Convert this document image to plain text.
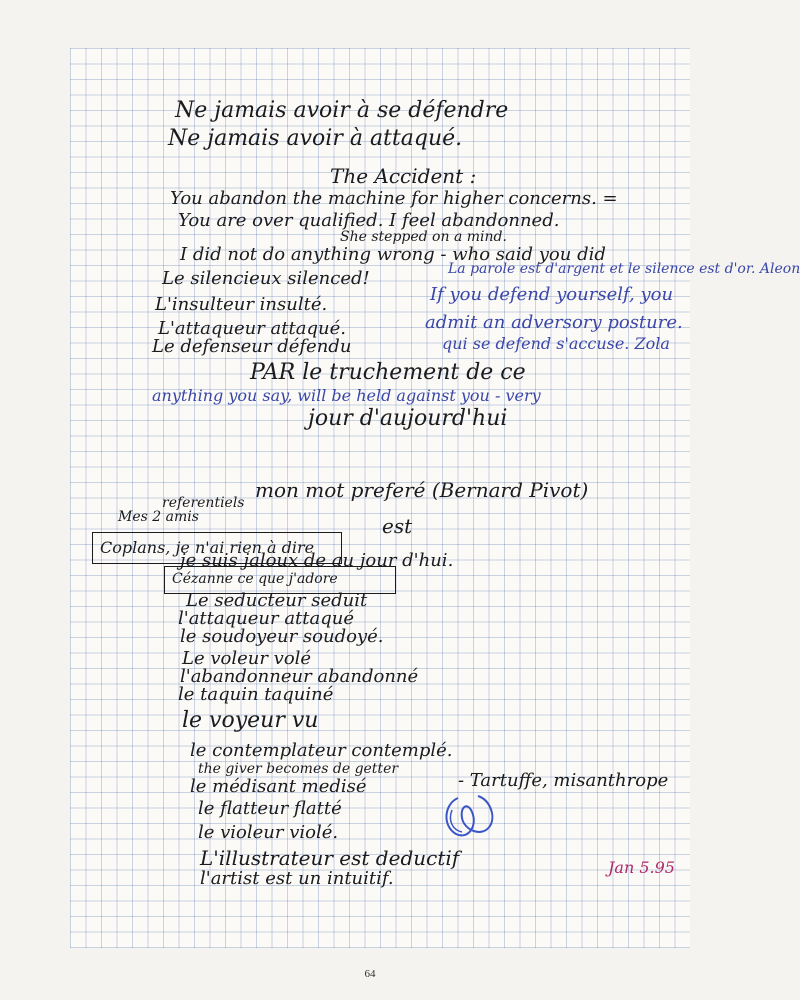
Ne jamais avoir à se défendre
Ne jamais avoir à attaqué.
The Accident :
You abandon the machine for higher concerns. =
You are over qualified. I feel abandonned.
She stepped on a mind.
I did not do anything wrong - who said you did
Le silencieux silenced!
L'insulteur insulté.
L'attaqueur attaqué.
Le defenseur défendu
La parole est d'argent et le silence est d'or. Aleon
If you defend yourself, you
admit an adversory posture.
qui se defend s'accuse. Zola
PAR le truchement de ce
anything you say, will be held against you - very
jour d'aujourd'hui
mon mot preferé (Bernard Pivot)
est
Mes 2 amis
referentiels
Coplans, je n'ai rien à dire
je suis jaloux de au jour d'hui.
Cézanne ce que j'adore
Le seducteur seduit
l'attaqueur attaqué
le soudoyeur soudoyé.
Le voleur volé
l'abandonneur abandonné
le taquin taquiné
le voyeur vu
le contemplateur contemplé.
the giver becomes de getter
le médisant medisé	- Tartuffe, misanthrope
le flatteur flatté
le violeur violé.
L'illustrateur est deductif
l'artist est un intuitif.
Jan 5.95
64
